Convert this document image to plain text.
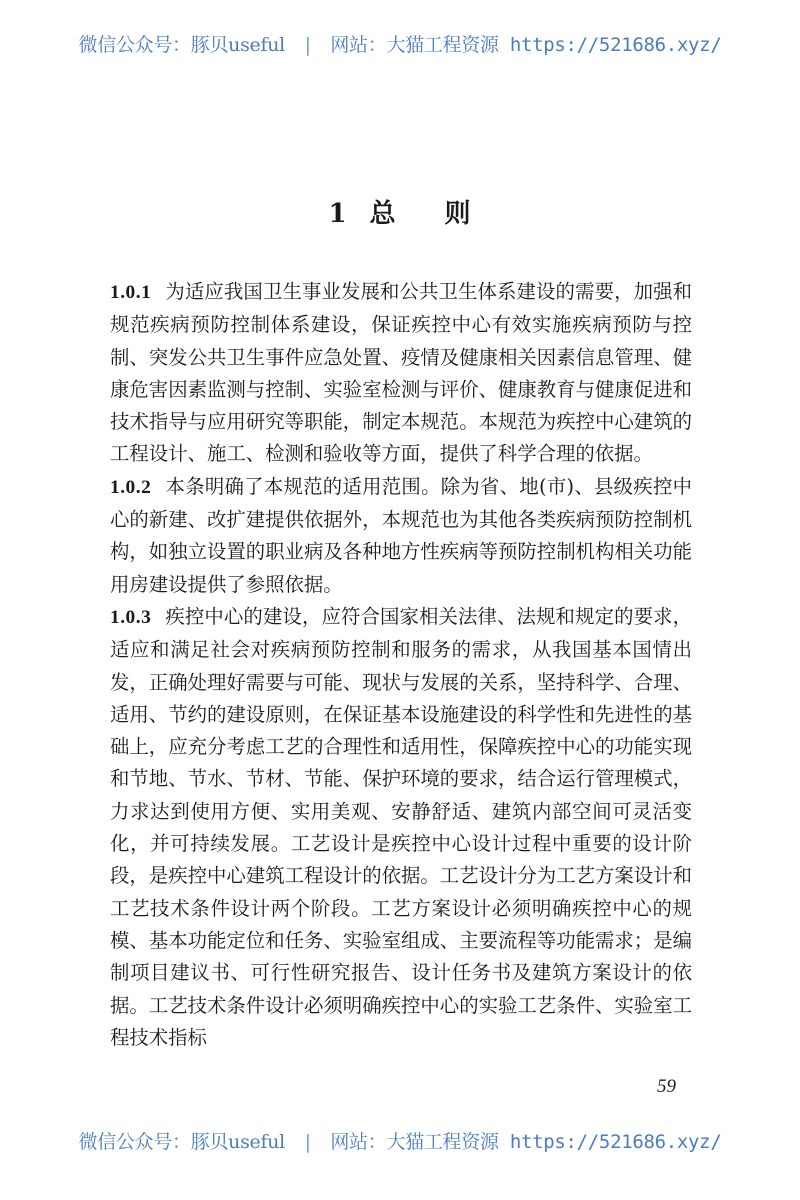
微信公众号：豚贝useful | 网站：大猫工程资源 https://521686.xyz/
1 总 则

1.0.1 为适应我国卫生事业发展和公共卫生体系建设的需要，加强和规范疾病预防控制体系建设，保证疾控中心有效实施疾病预防与控制、突发公共卫生事件应急处置、疫情及健康相关因素信息管理、健康危害因素监测与控制、实验室检测与评价、健康教育与健康促进和技术指导与应用研究等职能，制定本规范。本规范为疾控中心建筑的工程设计、施工、检测和验收等方面，提供了科学合理的依据。

1.0.2 本条明确了本规范的适用范围。除为省、地(市)、县级疾控中心的新建、改扩建提供依据外，本规范也为其他各类疾病预防控制机构，如独立设置的职业病及各种地方性疾病等预防控制机构相关功能用房建设提供了参照依据。

1.0.3 疾控中心的建设，应符合国家相关法律、法规和规定的要求，适应和满足社会对疾病预防控制和服务的需求，从我国基本国情出发，正确处理好需要与可能、现状与发展的关系，坚持科学、合理、适用、节约的建设原则，在保证基本设施建设的科学性和先进性的基础上，应充分考虑工艺的合理性和适用性，保障疾控中心的功能实现和节地、节水、节材、节能、保护环境的要求，结合运行管理模式，力求达到使用方便、实用美观、安静舒适、建筑内部空间可灵活变化，并可持续发展。工艺设计是疾控中心设计过程中重要的设计阶段，是疾控中心建筑工程设计的依据。工艺设计分为工艺方案设计和工艺技术条件设计两个阶段。工艺方案设计必须明确疾控中心的规模、基本功能定位和任务、实验室组成、主要流程等功能需求；是编制项目建议书、可行性研究报告、设计任务书及建筑方案设计的依据。工艺技术条件设计必须明确疾控中心的实验工艺条件、实验室工程技术指标

59
微信公众号：豚贝useful | 网站：大猫工程资源 https://521686.xyz/
